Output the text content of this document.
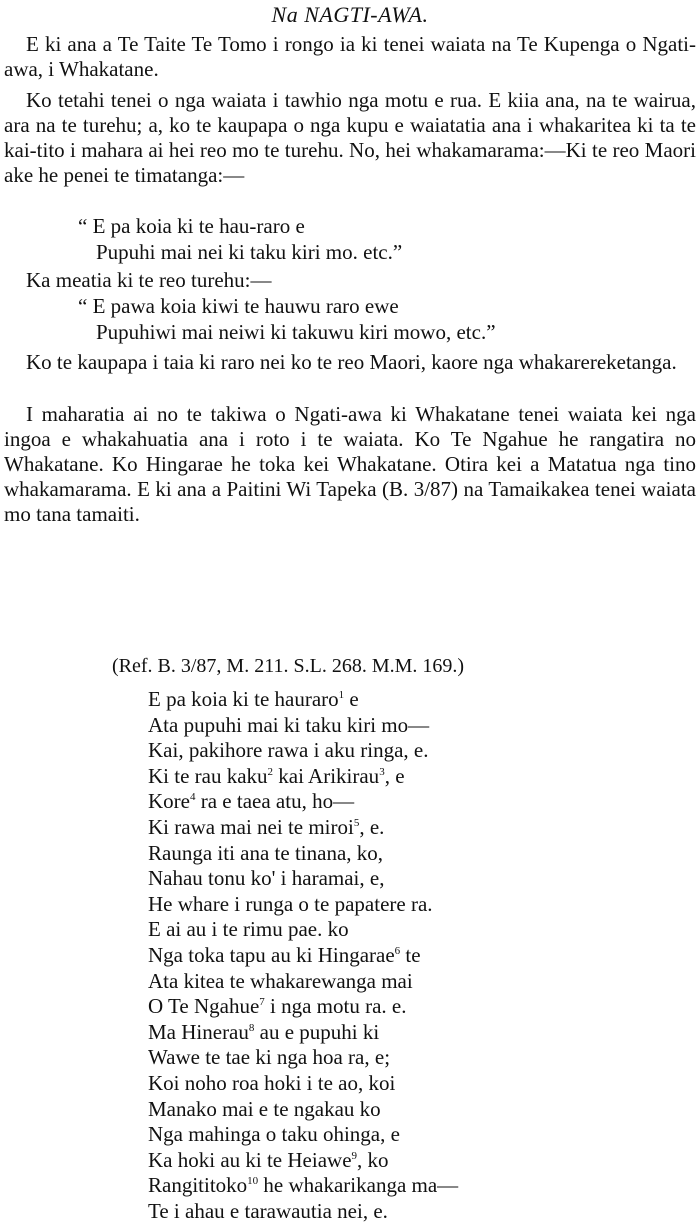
Na NAGTI-AWA.
E ki ana a Te Taite Te Tomo i rongo ia ki tenei waiata na Te Kupenga o Ngati-awa, i Whakatane.
Ko tetahi tenei o nga waiata i tawhio nga motu e rua. E kiia ana, na te wairua, ara na te turehu; a, ko te kaupapa o nga kupu e waiatatia ana i whakaritea ki ta te kai-tito i mahara ai hei reo mo te turehu. No, hei whakamarama:—Ki te reo Maori ake he penei te timatanga:—
“ E pa koia ki te hau-raro e
Pupuhi mai nei ki taku kiri mo. etc.”
Ka meatia ki te reo turehu:—
“ E pawa koia kiwi te hauwu raro ewe
Pupuhiwi mai neiwi ki takuwu kiri mowo, etc.”
Ko te kaupapa i taia ki raro nei ko te reo Maori, kaore nga whakarereketanga.
I maharatia ai no te takiwa o Ngati-awa ki Whakatane tenei waiata kei nga ingoa e whakahuatia ana i roto i te waiata. Ko Te Ngahue he rangatira no Whakatane. Ko Hingarae he toka kei Whakatane. Otira kei a Matatua nga tino whakamarama. E ki ana a Paitini Wi Tapeka (B. 3/87) na Tamaikakea tenei waiata mo tana tamaiti.
(Ref. B. 3/87, M. 211. S.L. 268. M.M. 169.)
E pa koia ki te hauraro$^1$ e
Ata pupuhi mai ki taku kiri mo—
Kai, pakihore rawa i aku ringa, e.
Ki te rau kaku$^2$ kai Arikirau$^3$, e
Kore$^4$ ra e taea atu, ho—
Ki rawa mai nei te miroi$^5$, e.
Raunga iti ana te tinana, ko,
Nahau tonu ko' i haramai, e,
He whare i runga o te papatere ra.
E ai au i te rimu pae. ko
Nga toka tapu au ki Hingarae$^6$ te
Ata kitea te whakarewanga mai
O Te Ngahue$^7$ i nga motu ra. e.
Ma Hinerau$^8$ au e pupuhi ki
Wawe te tae ki nga hoa ra, e;
Koi noho roa hoki i te ao, koi
Manako mai e te ngakau ko
Nga mahinga o taku ohinga, e
Ka hoki au ki te Heiawe$^9$, ko
Rangititoko$^{10}$ he whakarikanga ma—
Te i ahau e tarawautia nei, e.
